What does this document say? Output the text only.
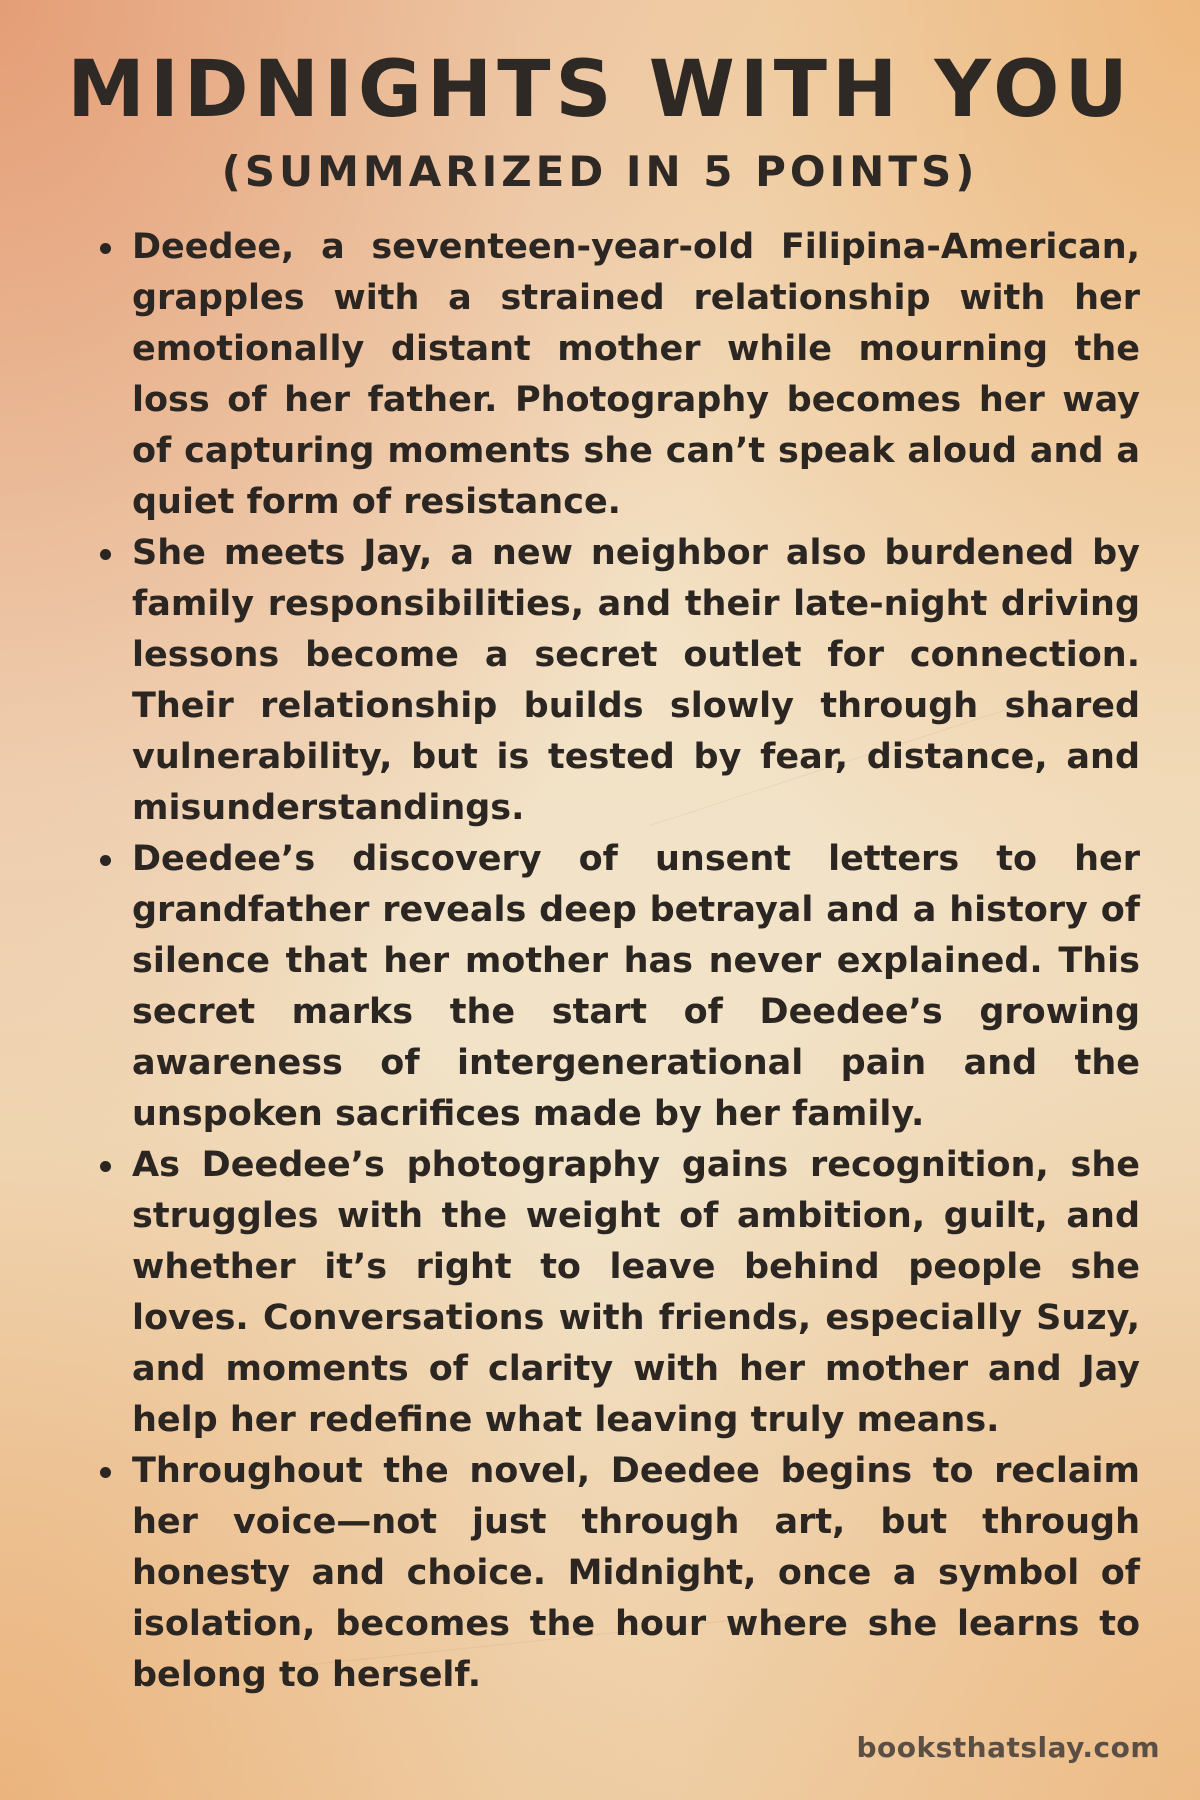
MIDNIGHTS WITH YOU
(SUMMARIZED IN 5 POINTS)
Deedee, a seventeen-year-old Filipina-American, grapples with a strained relationship with her emotionally distant mother while mourning the loss of her father. Photography becomes her way of capturing moments she can’t speak aloud and a quiet form of resistance.
She meets Jay, a new neighbor also burdened by family responsibilities, and their late-night driving lessons become a secret outlet for connection. Their relationship builds slowly through shared vulnerability, but is tested by fear, distance, and misunderstandings.
Deedee’s discovery of unsent letters to her grandfather reveals deep betrayal and a history of silence that her mother has never explained. This secret marks the start of Deedee’s growing awareness of intergenerational pain and the unspoken sacrifices made by her family.
As Deedee’s photography gains recognition, she struggles with the weight of ambition, guilt, and whether it’s right to leave behind people she loves. Conversations with friends, especially Suzy, and moments of clarity with her mother and Jay help her redefine what leaving truly means.
Throughout the novel, Deedee begins to reclaim her voice—not just through art, but through honesty and choice. Midnight, once a symbol of isolation, becomes the hour where she learns to belong to herself.
booksthatslay.com
